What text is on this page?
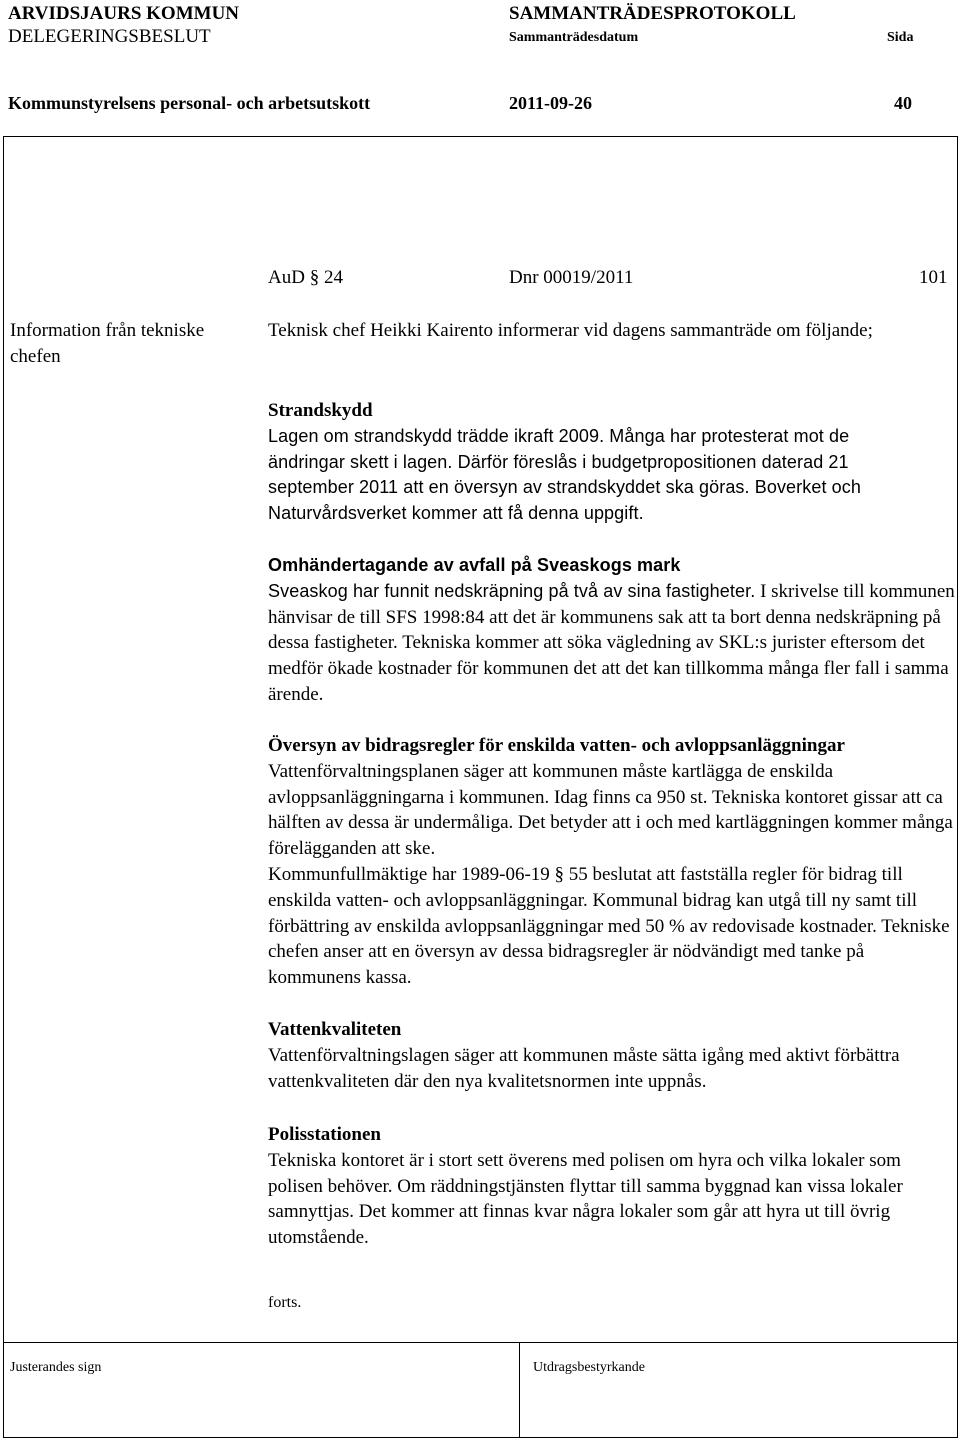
ARVIDSJAURS KOMMUN
DELEGERINGSBESLUT
SAMMANTRÄDESPROTOKOLL
Sammanträdesdatum	Sida
Kommunstyrelsens personal- och arbetsutskott	2011-09-26	40
AuD § 24	Dnr 00019/2011	101
Information från tekniske chefen
Teknisk chef Heikki Kairento informerar vid dagens sammanträde om följande;

Strandskydd

Lagen om strandskydd trädde ikraft 2009. Många har protesterat mot de ändringar skett i lagen. Därför föreslås i budgetpropositionen daterad 21 september 2011 att en översyn av strandskyddet ska göras. Boverket och Naturvårdsverket kommer att få denna uppgift.

Omhändertagande av avfall på Sveaskogs mark

Sveaskog har funnit nedskräpning på två av sina fastigheter. I skrivelse till kommunen hänvisar de till SFS 1998:84 att det är kommunens sak att ta bort denna nedskräpning på dessa fastigheter. Tekniska kommer att söka vägledning av SKL:s jurister eftersom det medför ökade kostnader för kommunen det att det kan tillkomma många fler fall i samma ärende.

Översyn av bidragsregler för enskilda vatten- och avloppsanläggningar

Vattenförvaltningsplanen säger att kommunen måste kartlägga de enskilda avloppsanläggningarna i kommunen. Idag finns ca 950 st. Tekniska kontoret gissar att ca hälften av dessa är undermåliga. Det betyder att i och med kartläggningen kommer många förelägganden att ske.

Kommunfullmäktige har 1989-06-19 § 55 beslutat att fastställa regler för bidrag till enskilda vatten- och avloppsanläggningar. Kommunal bidrag kan utgå till ny samt till förbättring av enskilda avloppsanläggningar med 50 % av redovisade kostnader. Tekniske chefen anser att en översyn av dessa bidragsregler är nödvändigt med tanke på kommunens kassa.

Vattenkvaliteten

Vattenförvaltningslagen säger att kommunen måste sätta igång med aktivt förbättra vattenkvaliteten där den nya kvalitetsnormen inte uppnås.

Polisstationen

Tekniska kontoret är i stort sett överens med polisen om hyra och vilka lokaler som polisen behöver. Om räddningstjänsten flyttar till samma byggnad kan vissa lokaler samnyttjas. Det kommer att finnas kvar några lokaler som går att hyra ut till övrig utomstående.

forts.
Justerandes sign	Utdragsbestyrkande
